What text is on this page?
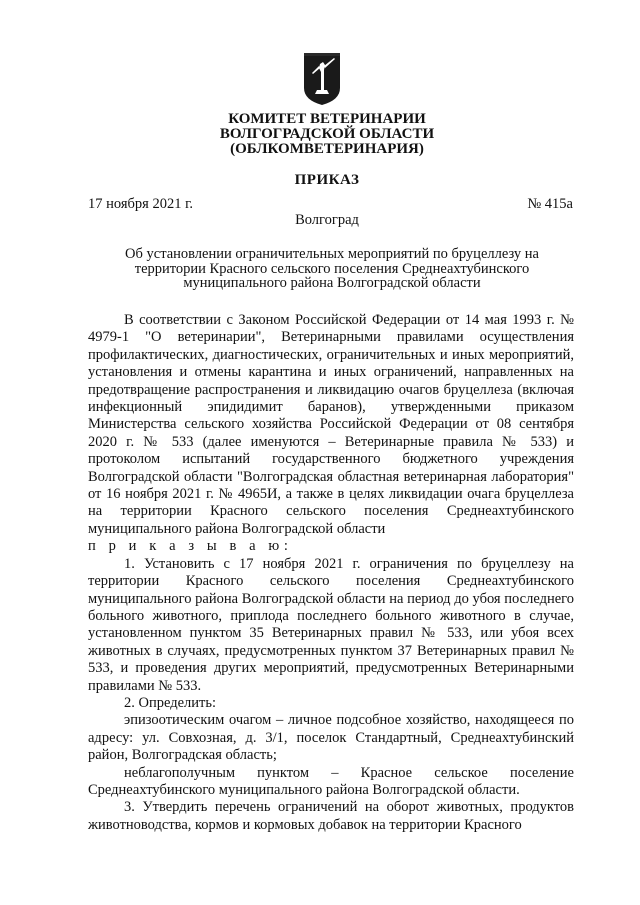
КОМИТЕТ ВЕТЕРИНАРИИ
ВОЛГОГРАДСКОЙ ОБЛАСТИ
(ОБЛКОМВЕТЕРИНАРИЯ)
ПРИКАЗ
17 ноября 2021 г.	№ 415а
Волгоград
Об установлении ограничительных мероприятий по бруцеллезу на
территории Красного сельского поселения Среднеахтубинского
муниципального района Волгоградской области

В соответствии с Законом Российской Федерации от 14 мая 1993 г. № 4979-1 "О ветеринарии", Ветеринарными правилами осуществления профилактических, диагностических, ограничительных и иных мероприятий, установления и отмены карантина и иных ограничений, направленных на предотвращение распространения и ликвидацию очагов бруцеллеза (включая инфекционный эпидидимит баранов), утвержденными приказом Министерства сельского хозяйства Российской Федерации от 08 сентября 2020 г. № 533 (далее именуются – Ветеринарные правила № 533) и протоколом испытаний государственного бюджетного учреждения Волгоградской области "Волгоградская областная ветеринарная лаборатория" от 16 ноября 2021 г. № 4965И, а также в целях ликвидации очага бруцеллеза на территории Красного сельского поселения Среднеахтубинского муниципального района Волгоградской области

п р и к а з ы в а ю:

1. Установить с 17 ноября 2021 г. ограничения по бруцеллезу на территории Красного сельского поселения Среднеахтубинского муниципального района Волгоградской области на период до убоя последнего больного животного, приплода последнего больного животного в случае, установленном пунктом 35 Ветеринарных правил № 533, или убоя всех животных в случаях, предусмотренных пунктом 37 Ветеринарных правил № 533, и проведения других мероприятий, предусмотренных Ветеринарными правилами № 533.

2. Определить:

эпизоотическим очагом – личное подсобное хозяйство, находящееся по адресу: ул. Совхозная, д. 3/1, поселок Стандартный, Среднеахтубинский район, Волгоградская область;

неблагополучным пунктом – Красное сельское поселение Среднеахтубинского муниципального района Волгоградской области.

3. Утвердить перечень ограничений на оборот животных, продуктов животноводства, кормов и кормовых добавок на территории Красного
